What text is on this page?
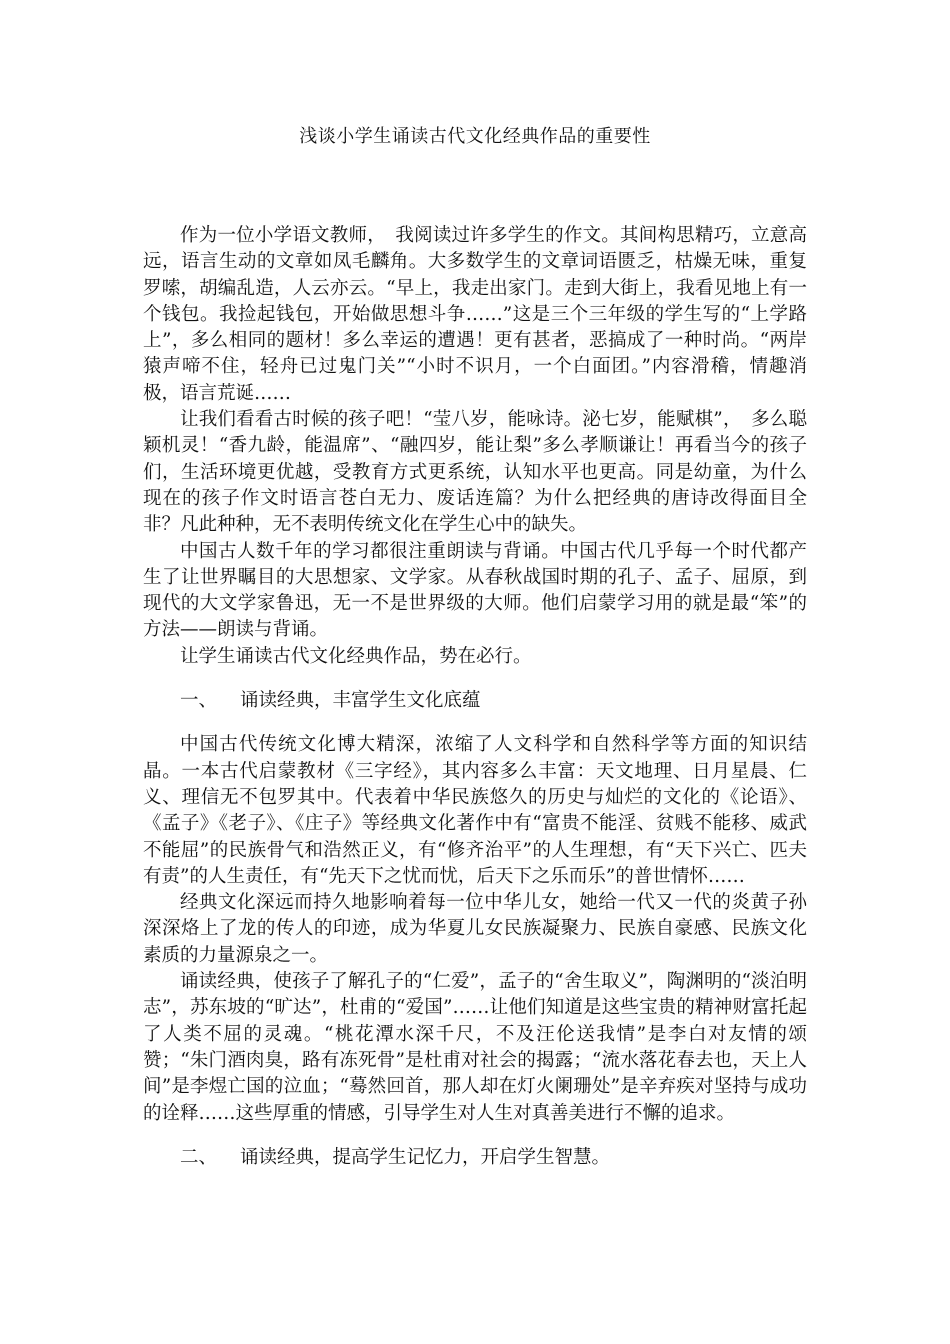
浅谈小学生诵读古代文化经典作品的重要性

作为一位小学语文教师，　我阅读过许多学生的作文。其间构思精巧，立意高远，语言生动的文章如凤毛麟角。大多数学生的文章词语匮乏，枯燥无味，重复罗嗦，胡编乱造，人云亦云。“早上，我走出家门。走到大街上，我看见地上有一个钱包。我捡起钱包，开始做思想斗争……”这是三个三年级的学生写的“上学路上”，多么相同的题材！多么幸运的遭遇！更有甚者，恶搞成了一种时尚。“两岸猿声啼不住，轻舟已过鬼门关”“小时不识月，一个白面团。”内容滑稽，情趣消极，语言荒诞……

让我们看看古时候的孩子吧！“莹八岁，能咏诗。泌七岁，能赋棋”，　多么聪颖机灵！“香九龄，能温席”、“融四岁，能让梨”多么孝顺谦让！再看当今的孩子们，生活环境更优越，受教育方式更系统，认知水平也更高。同是幼童，为什么现在的孩子作文时语言苍白无力、废话连篇？为什么把经典的唐诗改得面目全非？凡此种种，无不表明传统文化在学生心中的缺失。

中国古人数千年的学习都很注重朗读与背诵。中国古代几乎每一个时代都产生了让世界瞩目的大思想家、文学家。从春秋战国时期的孔子、孟子、屈原，到现代的大文学家鲁迅，无一不是世界级的大师。他们启蒙学习用的就是最“笨”的方法——朗读与背诵。

让学生诵读古代文化经典作品，势在必行。

一、 诵读经典，丰富学生文化底蕴

中国古代传统文化博大精深，浓缩了人文科学和自然科学等方面的知识结晶。一本古代启蒙教材《三字经》，其内容多么丰富：天文地理、日月星晨、仁义、理信无不包罗其中。代表着中华民族悠久的历史与灿烂的文化的《论语》、《孟子》《老子》、《庄子》等经典文化著作中有“富贵不能淫、贫贱不能移、威武不能屈”的民族骨气和浩然正义，有“修齐治平”的人生理想，有“天下兴亡、匹夫有责”的人生责任，有“先天下之忧而忧，后天下之乐而乐”的普世情怀……

经典文化深远而持久地影响着每一位中华儿女，她给一代又一代的炎黄子孙深深烙上了龙的传人的印迹，成为华夏儿女民族凝聚力、民族自豪感、民族文化素质的力量源泉之一。

诵读经典，使孩子了解孔子的“仁爱”，孟子的“舍生取义”，陶渊明的“淡泊明志”，苏东坡的“旷达”，杜甫的“爱国”……让他们知道是这些宝贵的精神财富托起了人类不屈的灵魂。“桃花潭水深千尺，不及汪伦送我情”是李白对友情的颂赞；“朱门酒肉臭，路有冻死骨”是杜甫对社会的揭露；“流水落花春去也，天上人间”是李煜亡国的泣血；“蓦然回首，那人却在灯火阑珊处”是辛弃疾对坚持与成功的诠释……这些厚重的情感，引导学生对人生对真善美进行不懈的追求。

二、 诵读经典，提高学生记忆力，开启学生智慧。
